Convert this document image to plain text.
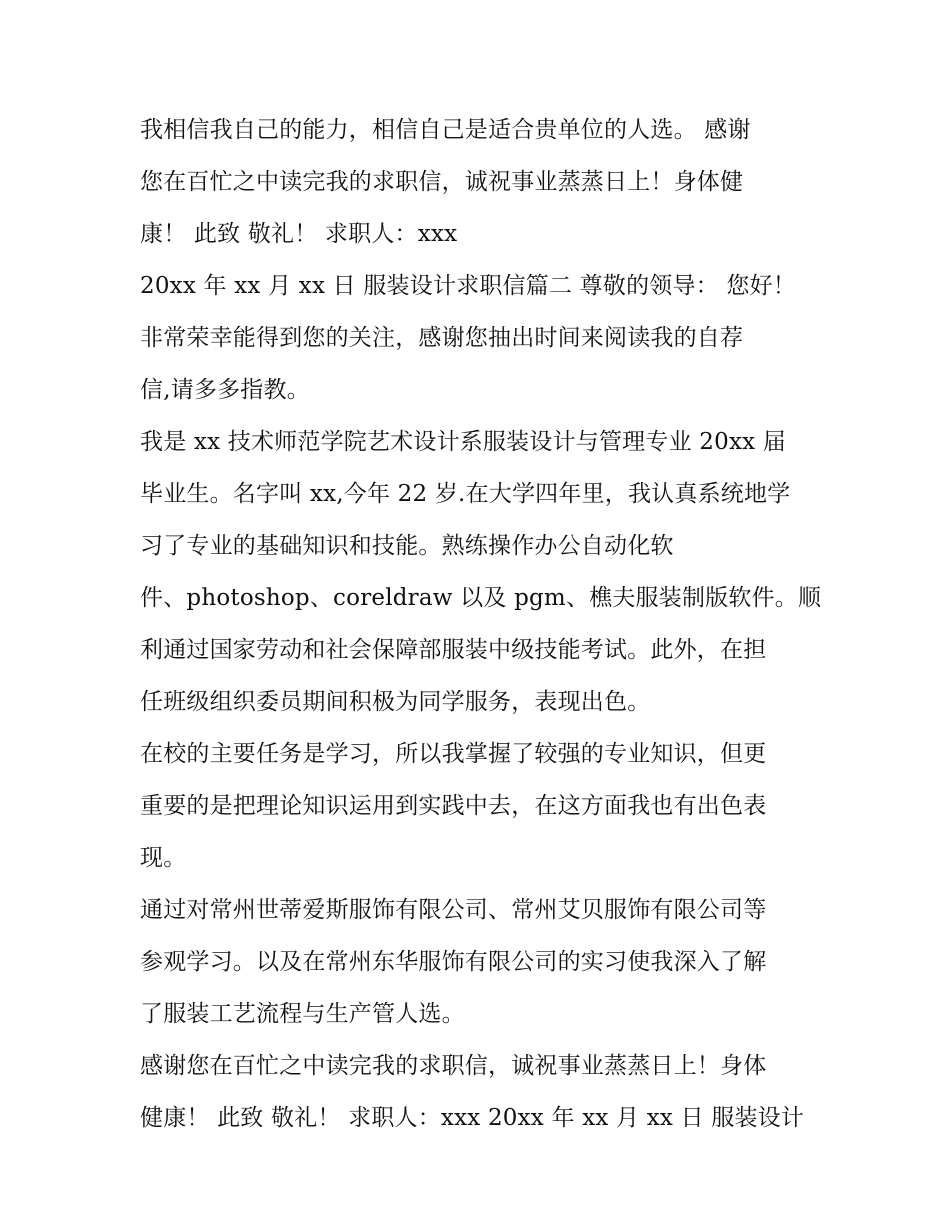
我相信我自己的能力，相信自己是适合贵单位的人选。 感谢
您在百忙之中读完我的求职信，诚祝事业蒸蒸日上！身体健
康！ 此致 敬礼！ 求职人：xxx
20xx 年 xx 月 xx 日 服装设计求职信篇二 尊敬的领导： 您好！
非常荣幸能得到您的关注，感谢您抽出时间来阅读我的自荐
信,请多多指教。
我是 xx 技术师范学院艺术设计系服装设计与管理专业 20xx 届
毕业生。名字叫 xx,今年 22 岁.在大学四年里，我认真系统地学
习了专业的基础知识和技能。熟练操作办公自动化软
件、photoshop、coreldraw 以及 pgm、樵夫服装制版软件。顺
利通过国家劳动和社会保障部服装中级技能考试。此外，在担
任班级组织委员期间积极为同学服务，表现出色。
在校的主要任务是学习，所以我掌握了较强的专业知识，但更
重要的是把理论知识运用到实践中去，在这方面我也有出色表
现。
通过对常州世蒂爱斯服饰有限公司、常州艾贝服饰有限公司等
参观学习。以及在常州东华服饰有限公司的实习使我深入了解
了服装工艺流程与生产管人选。
感谢您在百忙之中读完我的求职信，诚祝事业蒸蒸日上！身体
健康！ 此致 敬礼！ 求职人：xxx 20xx 年 xx 月 xx 日 服装设计
